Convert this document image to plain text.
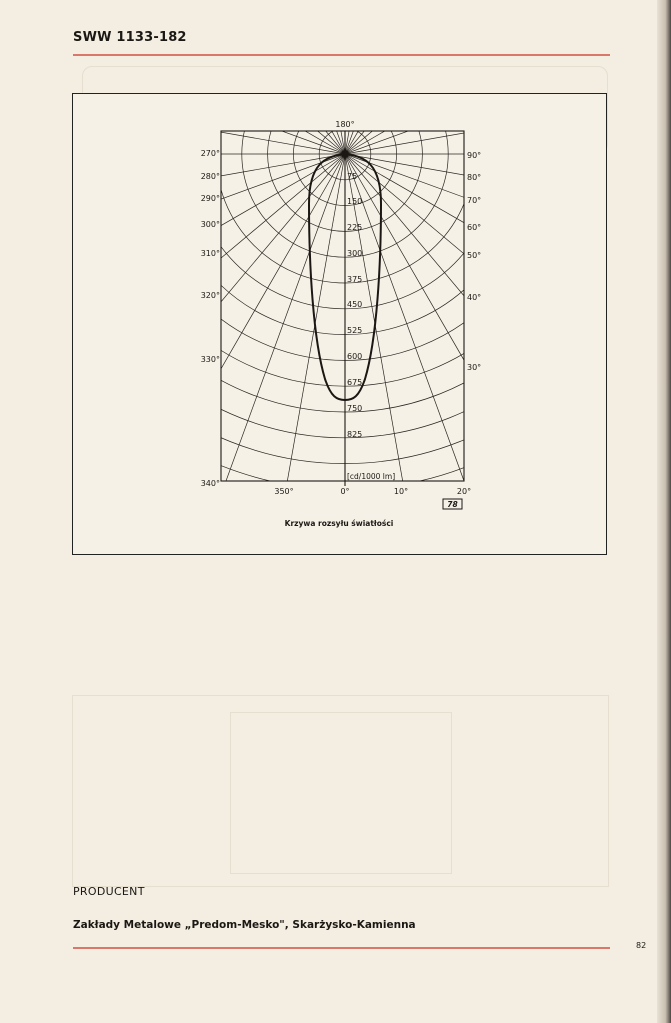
SWW 1133-182
180°
270°
280°
290°
300°
310°
320°
330°
340°
90°
80°
70°
60°
50°
40°
30°
75
150
225
300
375
450
525
600
675
750
825
[cd/1000 lm]
350°	0°	10°	20°
78
Krzywa rozsyłu światłości
PRODUCENT
Zakłady Metalowe „Predom-Mesko", Skarżysko-Kamienna
82
